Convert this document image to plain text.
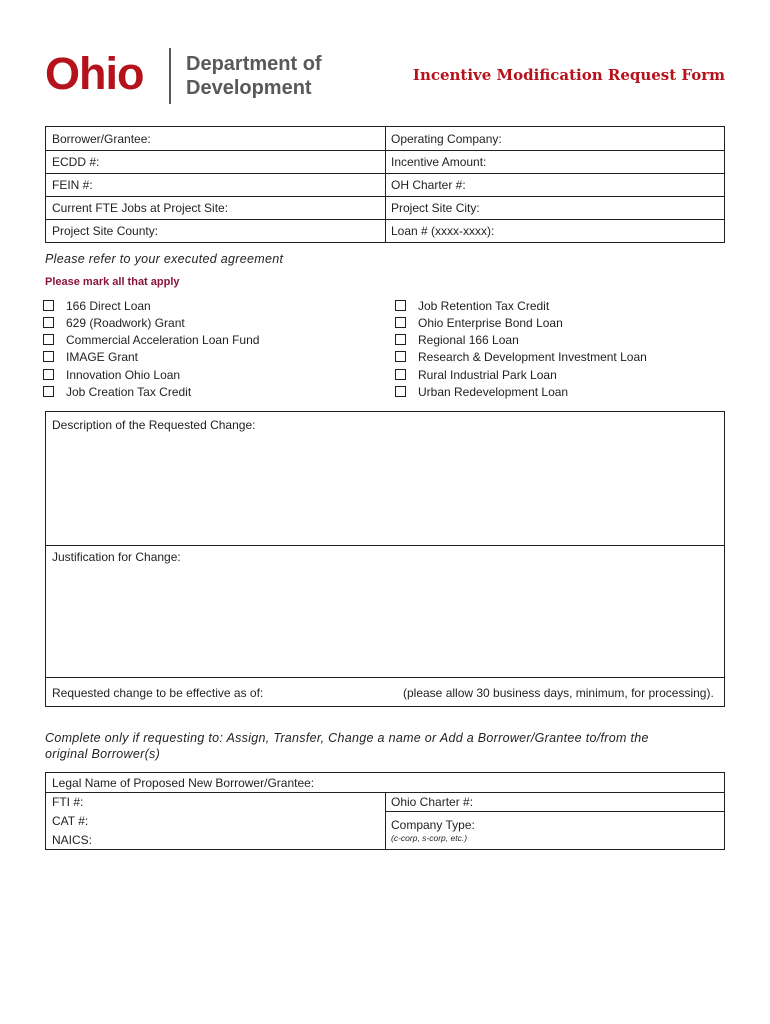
Ohio Department of
Development
Incentive Modification Request Form
Borrower/Grantee:	Operating Company:
ECDD #:	Incentive Amount:
FEIN #:	OH Charter #:
Current FTE Jobs at Project Site:	Project Site City:
Project Site County:	Loan # (xxxx-xxxx):
Please refer to your executed agreement
Please mark all that apply
166 Direct Loan
629 (Roadwork) Grant
Commercial Acceleration Loan Fund
IMAGE Grant
Innovation Ohio Loan
Job Creation Tax Credit
Job Retention Tax Credit
Ohio Enterprise Bond Loan
Regional 166 Loan
Research & Development Investment Loan
Rural Industrial Park Loan
Urban Redevelopment Loan
Description of the Requested Change:
Justification for Change:
Requested change to be effective as of:	(please allow 30 business days, minimum, for processing).
Complete only if requesting to: Assign, Transfer, Change a name or Add a Borrower/Grantee to/from the
original Borrower(s)
Legal Name of Proposed New Borrower/Grantee:
FTI #:	Ohio Charter #:
CAT #:	Company Type:
(c-corp, s-corp, etc.)
NAICS:
